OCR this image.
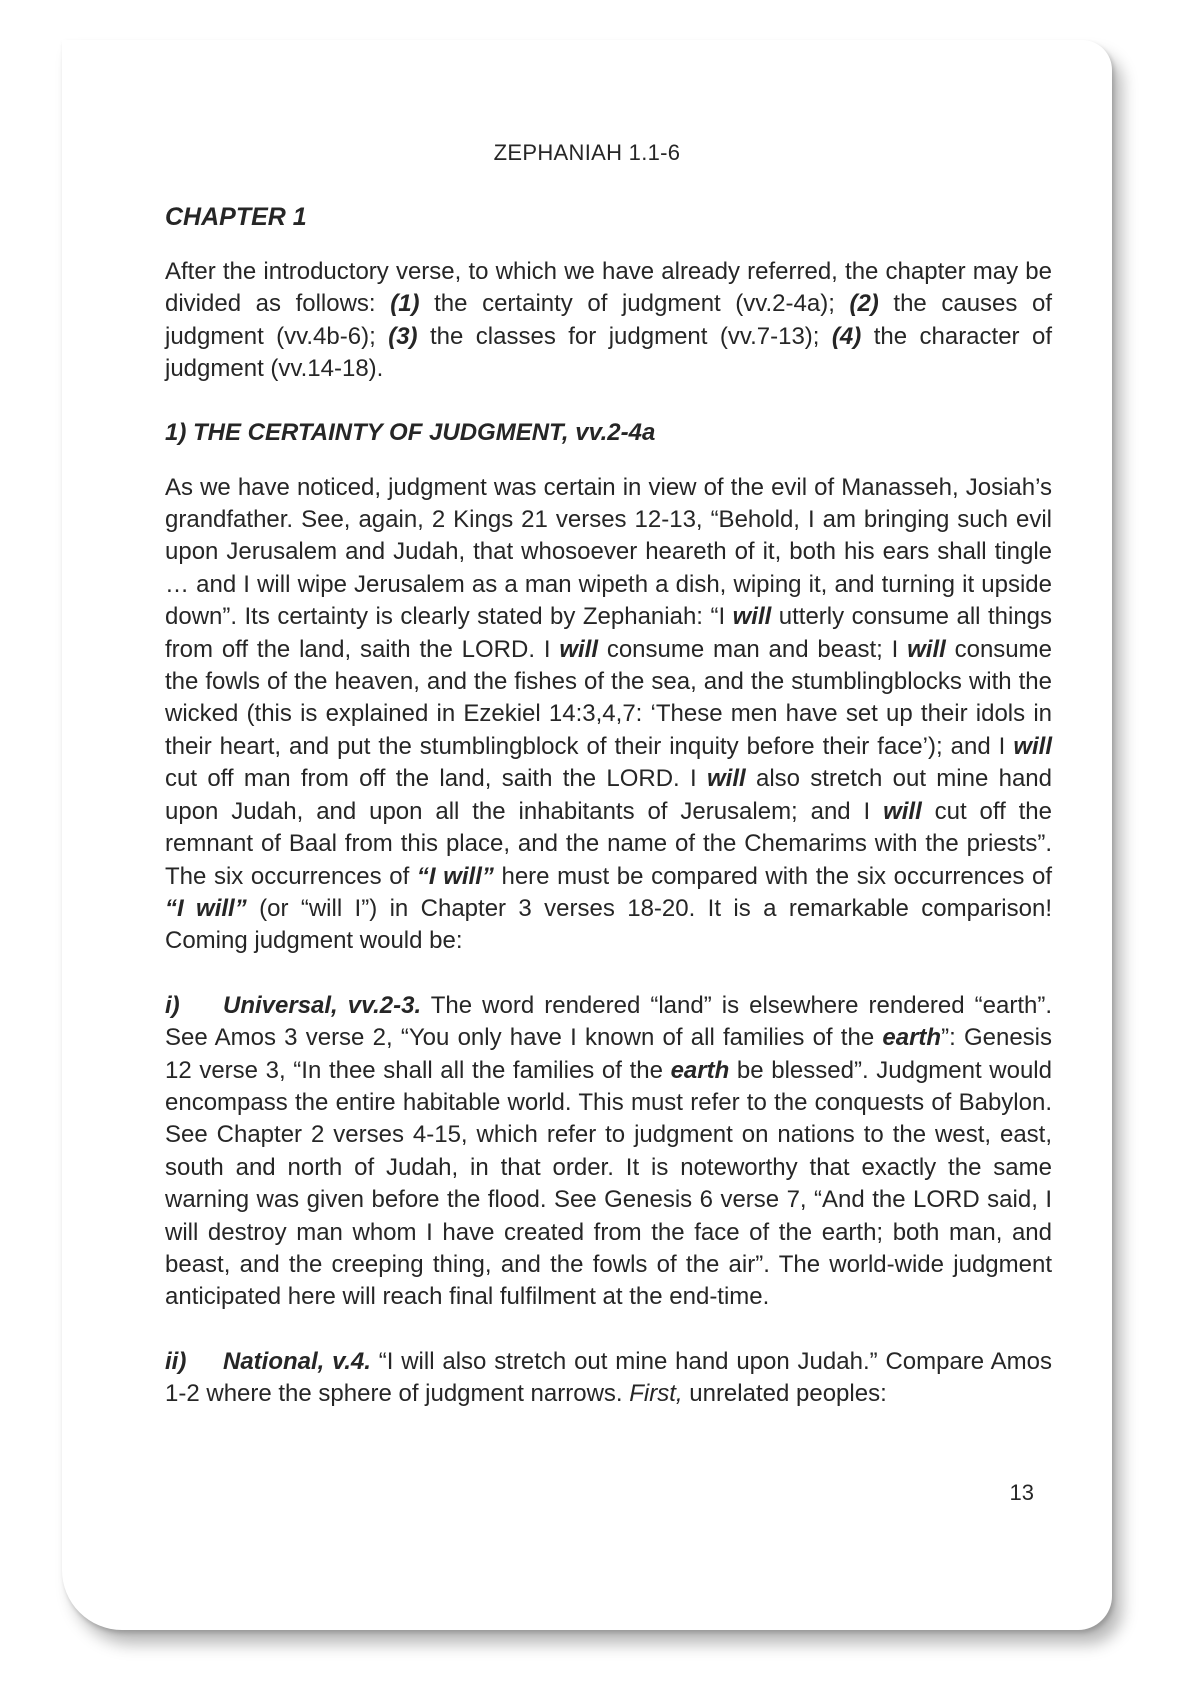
ZEPHANIAH 1.1-6
CHAPTER 1

After the introductory verse, to which we have already referred, the chapter may be divided as follows: (1) the certainty of judgment (vv.2-4a); (2) the causes of judgment (vv.4b-6); (3) the classes for judgment (vv.7-13); (4) the character of judgment (vv.14-18).

1) THE CERTAINTY OF JUDGMENT, vv.2-4a

As we have noticed, judgment was certain in view of the evil of Manasseh, Josiah’s grandfather. See, again, 2 Kings 21 verses 12-13, “Behold, I am bringing such evil upon Jerusalem and Judah, that whosoever heareth of it, both his ears shall tingle … and I will wipe Jerusalem as a man wipeth a dish, wiping it, and turning it upside down”. Its certainty is clearly stated by Zephaniah: “I will utterly consume all things from off the land, saith the LORD. I will consume man and beast; I will consume the fowls of the heaven, and the fishes of the sea, and the stumblingblocks with the wicked (this is explained in Ezekiel 14:3,4,7: ‘These men have set up their idols in their heart, and put the stumblingblock of their inquity before their face’); and I will cut off man from off the land, saith the LORD. I will also stretch out mine hand upon Judah, and upon all the inhabitants of Jerusalem; and I will cut off the remnant of Baal from this place, and the name of the Chemarims with the priests”. The six occurrences of “I will” here must be compared with the six occurrences of “I will” (or “will I”) in Chapter 3 verses 18-20. It is a remarkable comparison! Coming judgment would be:

i) Universal, vv.2-3. The word rendered “land” is elsewhere rendered “earth”. See Amos 3 verse 2, “You only have I known of all families of the earth”: Genesis 12 verse 3, “In thee shall all the families of the earth be blessed”. Judgment would encompass the entire habitable world. This must refer to the conquests of Babylon. See Chapter 2 verses 4-15, which refer to judgment on nations to the west, east, south and north of Judah, in that order. It is noteworthy that exactly the same warning was given before the flood. See Genesis 6 verse 7, “And the LORD said, I will destroy man whom I have created from the face of the earth; both man, and beast, and the creeping thing, and the fowls of the air”. The world-wide judgment anticipated here will reach final fulfilment at the end-time.

ii) National, v.4. “I will also stretch out mine hand upon Judah.” Compare Amos 1-2 where the sphere of judgment narrows. First, unrelated peoples:

13
